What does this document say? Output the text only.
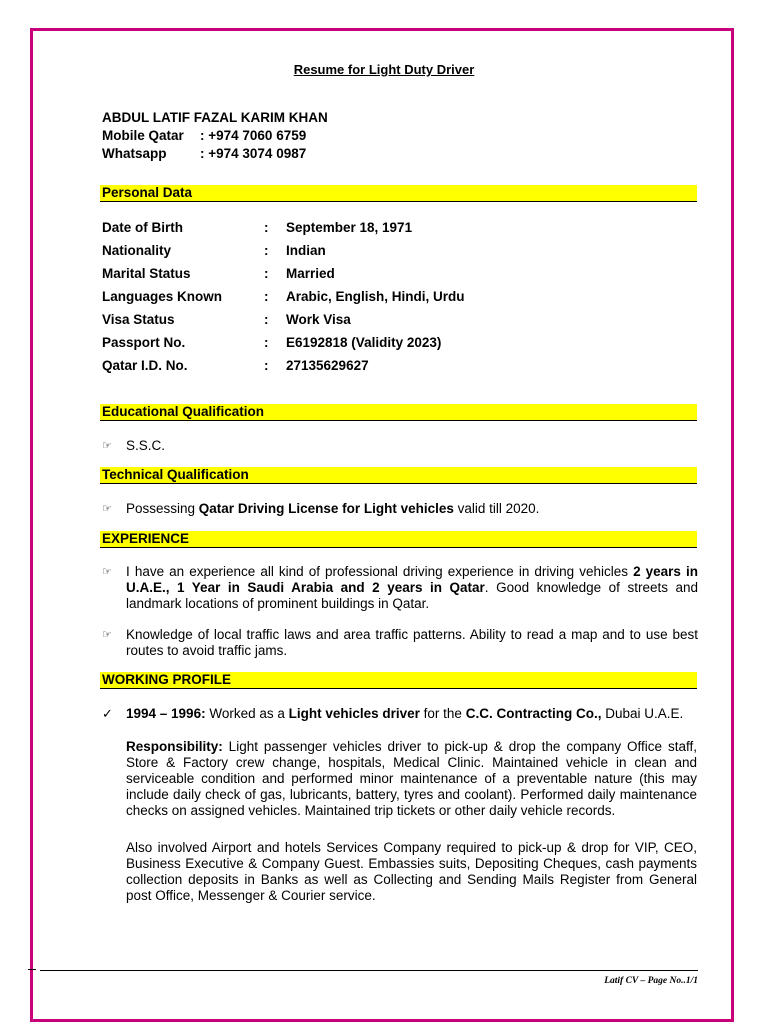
Resume for Light Duty Driver
ABDUL LATIF FAZAL KARIM KHAN
Mobile Qatar : +974 7060 6759
Whatsapp : +974 3074 0987
Personal Data
Date of Birth	: September 18, 1971
Nationality	: Indian
Marital Status	: Married
Languages Known	: Arabic, English, Hindi, Urdu
Visa Status	: Work Visa
Passport No.	: E6192818 (Validity 2023)
Qatar I.D. No.	: 27135629627
Educational Qualification
☞ S.S.C.
Technical Qualification
☞ Possessing Qatar Driving License for Light vehicles valid till 2020.
EXPERIENCE
☞ I have an experience all kind of professional driving experience in driving vehicles 2 years in U.A.E., 1 Year in Saudi Arabia and 2 years in Qatar. Good knowledge of streets and landmark locations of prominent buildings in Qatar.
☞ Knowledge of local traffic laws and area traffic patterns. Ability to read a map and to use best routes to avoid traffic jams.
WORKING PROFILE
✓ 1994 – 1996: Worked as a Light vehicles driver for the C.C. Contracting Co., Dubai U.A.E.
Responsibility: Light passenger vehicles driver to pick-up & drop the company Office staff, Store & Factory crew change, hospitals, Medical Clinic. Maintained vehicle in clean and serviceable condition and performed minor maintenance of a preventable nature (this may include daily check of gas, lubricants, battery, tyres and coolant). Performed daily maintenance checks on assigned vehicles. Maintained trip tickets or other daily vehicle records.
Also involved Airport and hotels Services Company required to pick-up & drop for VIP, CEO, Business Executive & Company Guest. Embassies suits, Depositing Cheques, cash payments collection deposits in Banks as well as Collecting and Sending Mails Register from General post Office, Messenger & Courier service.
Latif CV – Page No..1/1
